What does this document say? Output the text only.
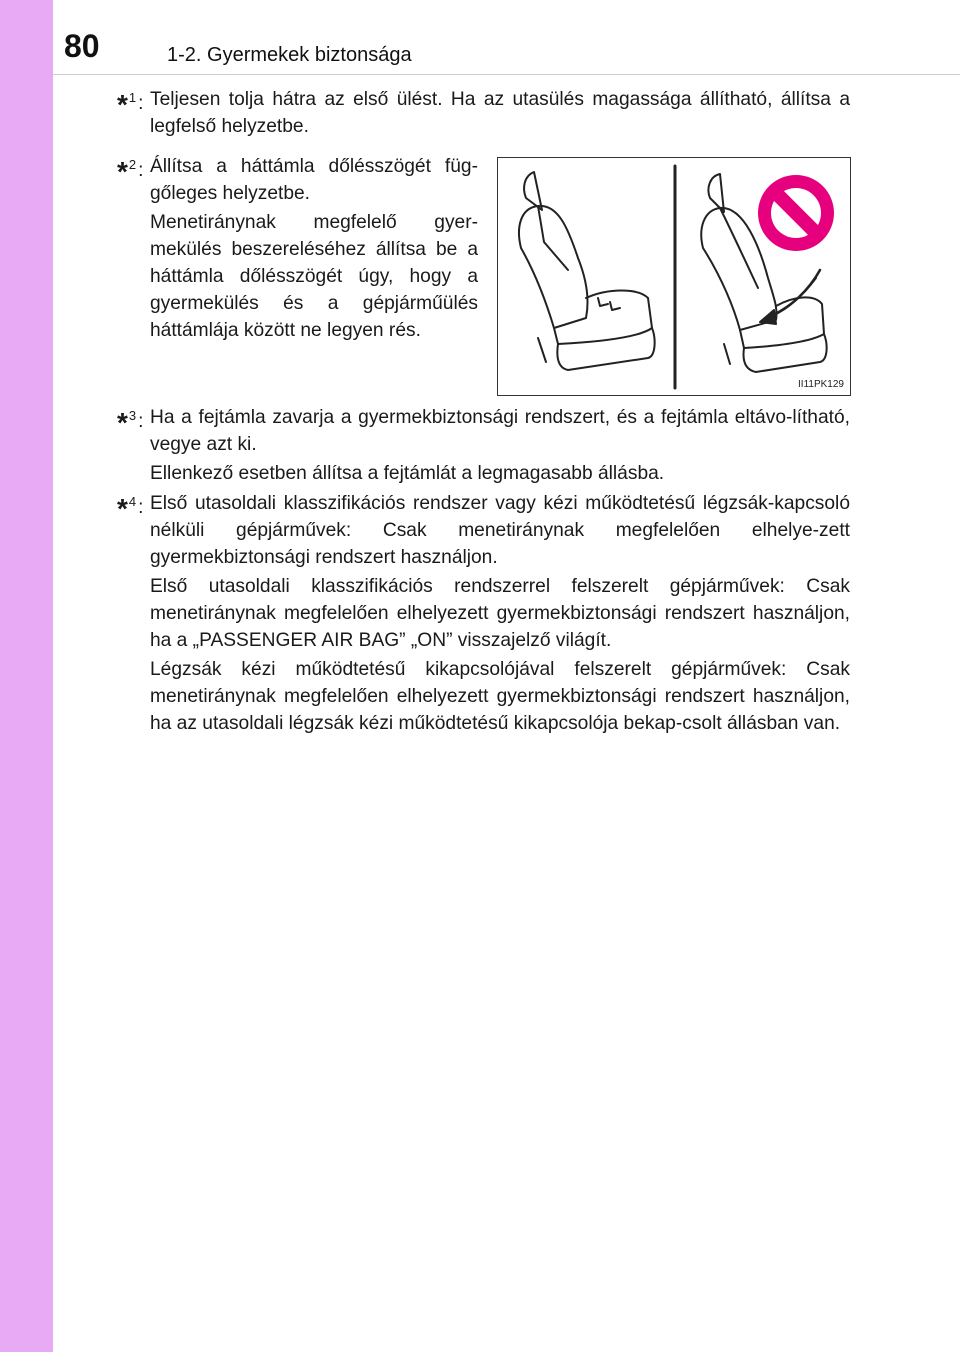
80	1-2. Gyermekek biztonsága
*$^1$ : Teljesen tolja hátra az első ülést. Ha az utasülés magassága állítható, állítsa a legfelső helyzetbe.

*$^2$ : Állítsa a háttámla dőlésszögét füg-gőleges helyzetbe.

Menetiránynak megfelelő gyer-mekülés beszereléséhez állítsa be a háttámla dőlésszögét úgy, hogy a gyermekülés és a gépjárműülés háttámlája között ne legyen rés.

II11PK129
*$^3$ : Ha a fejtámla zavarja a gyermekbiztonsági rendszert, és a fejtámla eltávo-lítható, vegye azt ki.

Ellenkező esetben állítsa a fejtámlát a legmagasabb állásba.

*$^4$ : Első utasoldali klasszifikációs rendszer vagy kézi működtetésű légzsák-kapcsoló nélküli gépjárművek: Csak menetiránynak megfelelően elhelye-zett gyermekbiztonsági rendszert használjon.

Első utasoldali klasszifikációs rendszerrel felszerelt gépjárművek: Csak menetiránynak megfelelően elhelyezett gyermekbiztonsági rendszert használjon, ha a „PASSENGER AIR BAG” „ON” visszajelző világít.

Légzsák kézi működtetésű kikapcsolójával felszerelt gépjárművek: Csak menetiránynak megfelelően elhelyezett gyermekbiztonsági rendszert használjon, ha az utasoldali légzsák kézi működtetésű kikapcsolója bekap-csolt állásban van.
